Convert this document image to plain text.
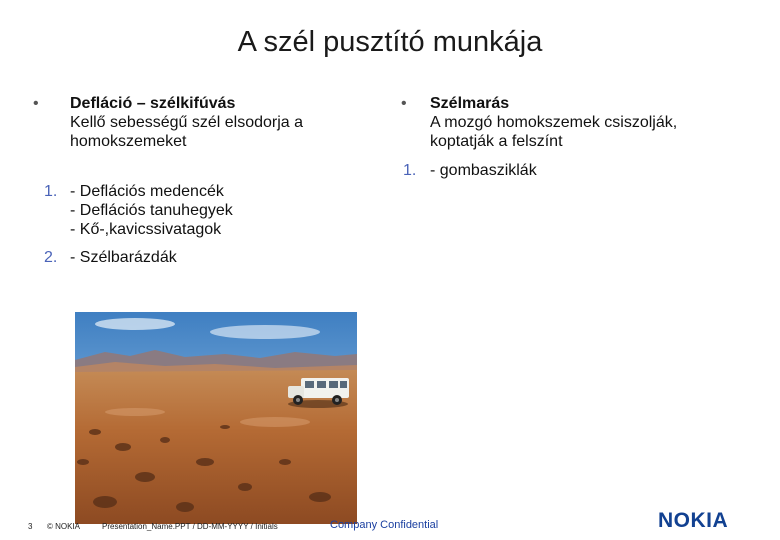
A szél pusztító munkája
• Defláció – szélkifúvás
Kellő sebességű szél elsodorja a
homokszemeket
1. - Deflációs medencék
- Deflációs tanuhegyek
- Kő-,kavicssivatagok
2. - Szélbarázdák
• Szélmarás
A mozgó homokszemek csiszolják,
koptatják a felszínt
1. - gombasziklák
3 © NOKIA	Presentation_Name.PPT / DD-MM-YYYY / Initials	Company Confidential	NOKIA
